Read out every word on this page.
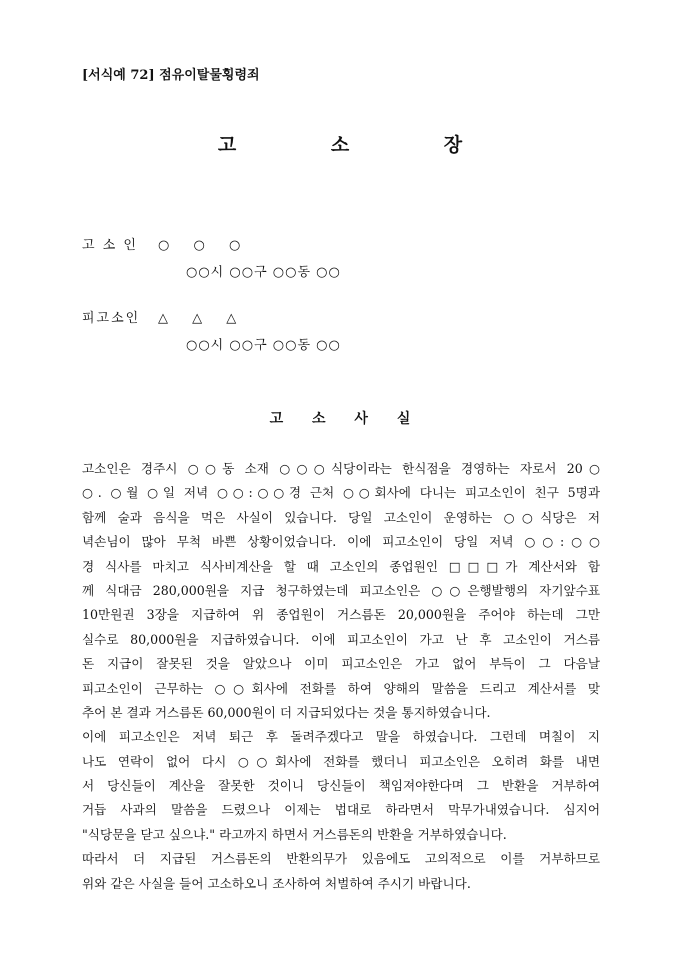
[서식예 72] 점유이탈물횡령죄
고 소 장
고 소 인	○ ○ ○
○○시 ○○구 ○○동 ○○
피고소인	△ △ △
○○시 ○○구 ○○동 ○○
고 소 사 실
고소인은 경주시 ○○동 소재 ○○○식당이라는 한식점을 경영하는 자로서 20○
○. ○월 ○일 저녁 ○○:○○경 근처 ○○회사에 다니는 피고소인이 친구 5명과
함께 술과 음식을 먹은 사실이 있습니다. 당일 고소인이 운영하는 ○○식당은 저
녁손님이 많아 무척 바쁜 상황이었습니다. 이에 피고소인이 당일 저녁 ○○:○○
경 식사를 마치고 식사비계산을 할 때 고소인의 종업원인 □□□가 계산서와 함
께 식대금 280,000원을 지급 청구하였는데 피고소인은 ○○은행발행의 자기앞수표
10만원권 3장을 지급하여 위 종업원이 거스름돈 20,000원을 주어야 하는데 그만
실수로 80,000원을 지급하였습니다. 이에 피고소인이 가고 난 후 고소인이 거스름
돈 지급이 잘못된 것을 알았으나 이미 피고소인은 가고 없어 부득이 그 다음날
피고소인이 근무하는 ○○회사에 전화를 하여 양해의 말씀을 드리고 계산서를 맞
추어 본 결과 거스름돈 60,000원이 더 지급되었다는 것을 통지하였습니다.
이에 피고소인은 저녁 퇴근 후 돌려주겠다고 말을 하였습니다. 그런데 며칠이 지
나도 연락이 없어 다시 ○○회사에 전화를 했더니 피고소인은 오히려 화를 내면
서 당신들이 계산을 잘못한 것이니 당신들이 책임져야한다며 그 반환을 거부하여
거듭 사과의 말씀을 드렸으나 이제는 법대로 하라면서 막무가내였습니다. 심지어
"식당문을 닫고 싶으냐." 라고까지 하면서 거스름돈의 반환을 거부하였습니다.
따라서 더 지급된 거스름돈의 반환의무가 있음에도 고의적으로 이를 거부하므로
위와 같은 사실을 들어 고소하오니 조사하여 처벌하여 주시기 바랍니다.
